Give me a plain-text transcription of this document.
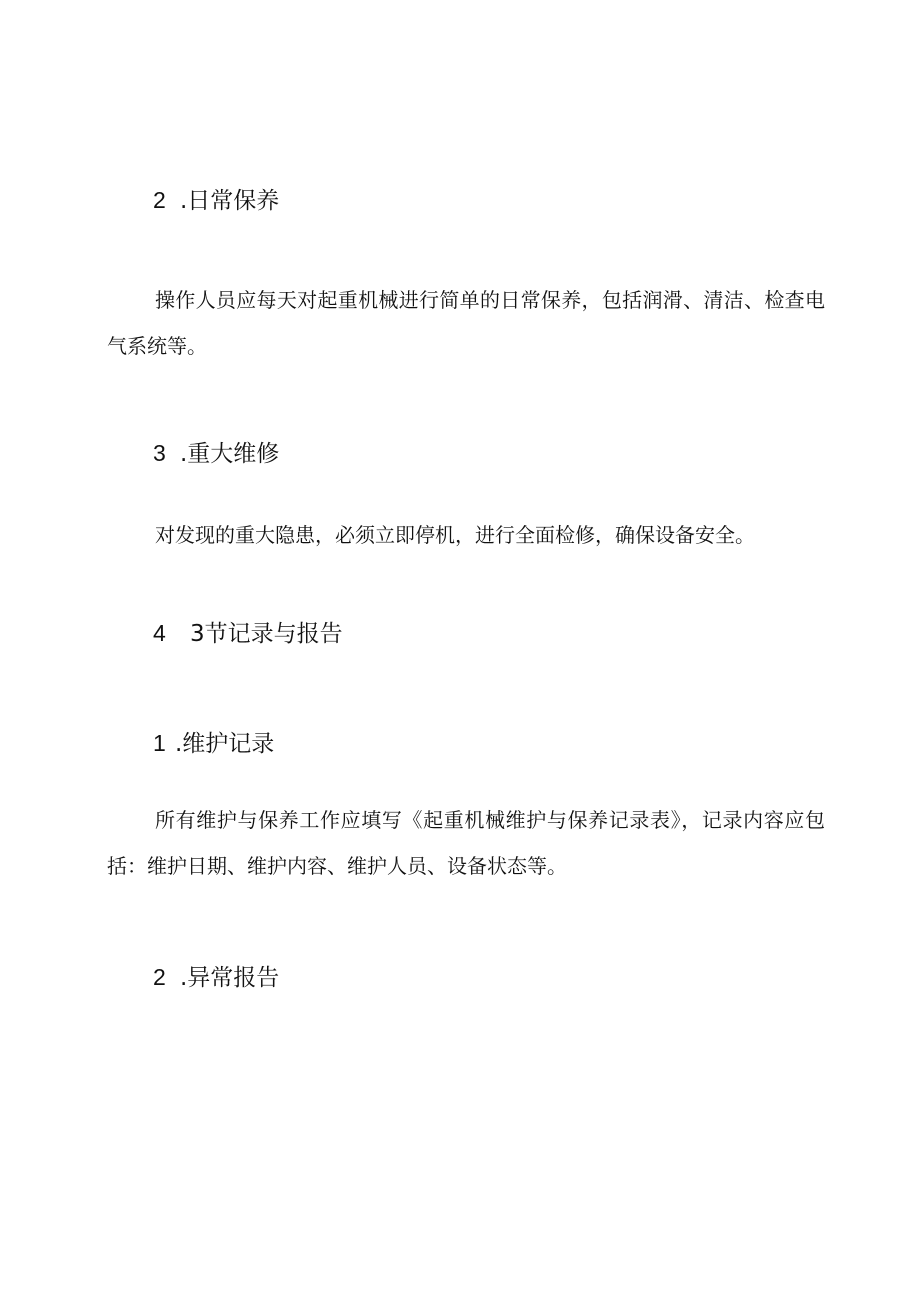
2 .日常保养
操作人员应每天对起重机械进行简单的日常保养，包括润滑、清洁、检查电气系统等。
3 .重大维修
对发现的重大隐患，必须立即停机，进行全面检修，确保设备安全。
4 3节记录与报告
1 .维护记录
所有维护与保养工作应填写《起重机械维护与保养记录表》，记录内容应包括：维护日期、维护内容、维护人员、设备状态等。
2 .异常报告
